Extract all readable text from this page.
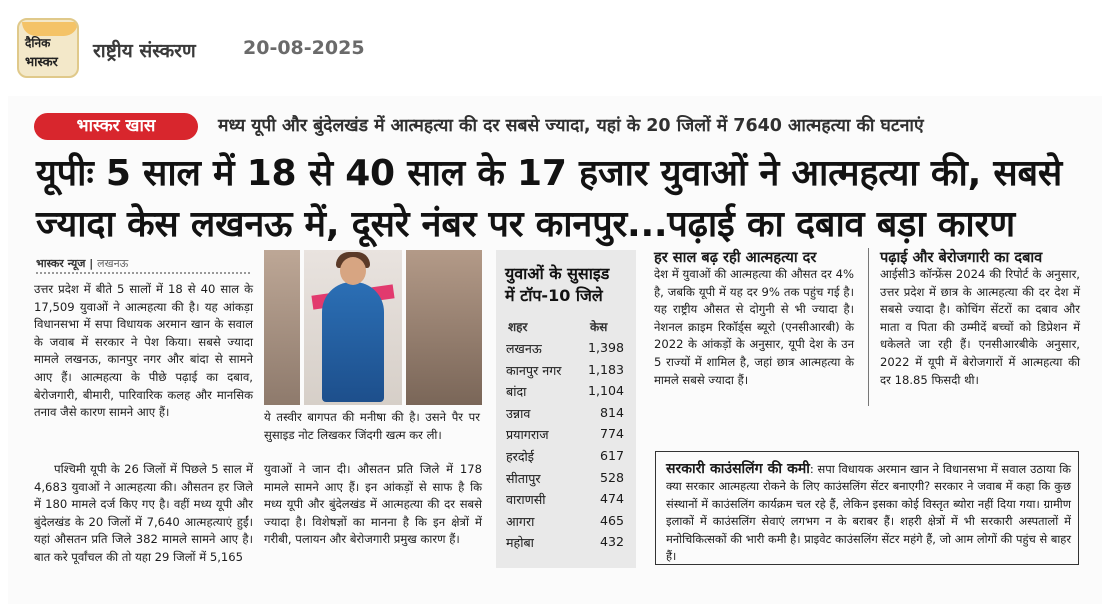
दैनिक
भास्कर
राष्ट्रीय संस्करण 20-08-2025
भास्कर खास	मध्य यूपी और बुंदेलखंड में आत्महत्या की दर सबसे ज्यादा, यहां के 20 जिलों में 7640 आत्महत्या की घटनाएं
यूपीः 5 साल में 18 से 40 साल के 17 हजार युवाओं ने आत्महत्या की, सबसे
ज्यादा केस लखनऊ में, दूसरे नंबर पर कानपुर...पढ़ाई का दबाव बड़ा कारण
भास्कर न्यूज | लखनऊ
उत्तर प्रदेश में बीते 5 सालों में 18 से 40 साल के 17,509 युवाओं ने आत्महत्या की है। यह आंकड़ा विधानसभा में सपा विधायक अरमान खान के सवाल के जवाब में सरकार ने पेश किया। सबसे ज्यादा मामले लखनऊ, कानपुर नगर और बांदा से सामने आए हैं। आत्महत्या के पीछे पढ़ाई का दबाव, बेरोजगारी, बीमारी, पारिवारिक कलह और मानसिक तनाव जैसे कारण सामने आए हैं।
पश्चिमी यूपी के 26 जिलों में पिछले 5 साल में 4,683 युवाओं ने आत्महत्या की। औसतन हर जिले में 180 मामले दर्ज किए गए है। वहीं मध्य यूपी और बुंदेलखंड के 20 जिलों में 7,640 आत्महत्याएं हुईं। यहां औसतन प्रति जिले 382 मामले सामने आए है। बात करे पूर्वांचल की तो यहा 29 जिलों में 5,165
ये तस्वीर बागपत की मनीषा की है। उसने पैर पर सुसाइड नोट लिखकर जिंदगी खत्म कर ली।
युवाओं ने जान दी। औसतन प्रति जिले में 178 मामले सामने आए हैं। इन आंकड़ों से साफ है कि मध्य यूपी और बुंदेलखंड में आत्महत्या की दर सबसे ज्यादा है। विशेषज्ञों का मानना है कि इन क्षेत्रों में गरीबी, पलायन और बेरोजगारी प्रमुख कारण हैं।
युवाओं के सुसाइड
में टॉप-10 जिले
शहर	केस
लखनऊ	1,398
कानपुर नगर 1,183
बांदा	1,104
उन्नाव	814
प्रयागराज	774
हरदोई	617
सीतापुर	528
वाराणसी	474
आगरा	465
महोबा	432
हर साल बढ़ रही आत्महत्या दर
देश में युवाओं की आत्महत्या की औसत दर 4% है, जबकि यूपी में यह दर 9% तक पहुंच गई है। यह राष्ट्रीय औसत से दोगुनी से भी ज्यादा है। नेशनल क्राइम रिकॉर्ड्स ब्यूरो (एनसीआरबी) के 2022 के आंकड़ों के अनुसार, यूपी देश के उन 5 राज्यों में शामिल है, जहां छात्र आत्महत्या के मामले सबसे ज्यादा हैं।
पढ़ाई और बेरोजगारी का दबाव
आईसी3 कॉन्फ्रेंस 2024 की रिपोर्ट के अनुसार, उत्तर प्रदेश में छात्र के आत्महत्या की दर देश में सबसे ज्यादा है। कोचिंग सेंटरों का दबाव और माता व पिता की उम्मीदें बच्चों को डिप्रेशन में धकेलते जा रही हैं। एनसीआरबीके अनुसार, 2022 में यूपी में बेरोजगारों में आत्महत्या की दर 18.85 फिसदी थी।
सरकारी काउंसलिंग की कमी: सपा विधायक अरमान खान ने विधानसभा में सवाल उठाया कि क्या सरकार आत्महत्या रोकने के लिए काउंसलिंग सेंटर बनाएगी? सरकार ने जवाब में कहा कि कुछ संस्थानों में काउंसलिंग कार्यक्रम चल रहे हैं, लेकिन इसका कोई विस्तृत ब्योरा नहीं दिया गया। ग्रामीण इलाकों में काउंसलिंग सेवाएं लगभग न के बराबर हैं। शहरी क्षेत्रों में भी सरकारी अस्पतालों में मनोचिकित्सकों की भारी कमी है। प्राइवेट काउंसलिंग सेंटर महंगे हैं, जो आम लोगों की पहुंच से बाहर हैं।
